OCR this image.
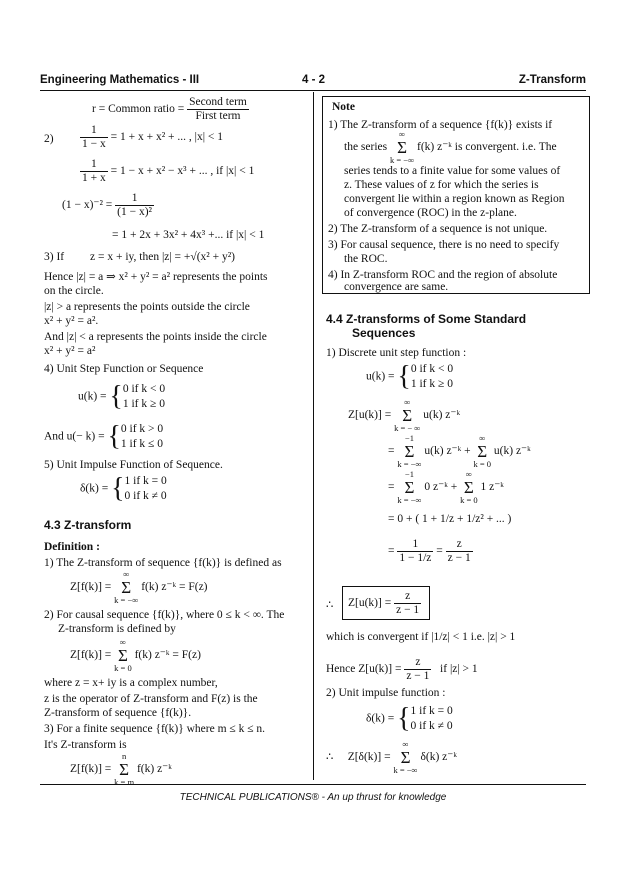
Engineering Mathematics - III	4 - 2	Z-Transform
r = Common ratio = $\frac{\text{Second term}}{\text{First term}}$
$2) \frac{1}{1 - x} = 1 + x + x^2$ + ... , |x| < 1
$\frac{1}{1 + x} = 1 - x + x^2 - x^3$ + ... , if |x| < 1
$(1 - x)^{-2} = \frac{1}{\text{(1 − x)²}}$
= 1 + 2x + 3x² + 4x³ +... if |x| < 1
3) If z = x + iy, then |z| = +√(x² + y²)
Hence |z| = a ⇒ x² + y² = a² represents the points
on the circle.
|z| > a represents the points outside the circle
x² + y² = a².
And |z| < a represents the points inside the circle
x² + y² = a²
4) Unit Step Function or Sequence
u(k) = {0 if k < 0
1 if k ≥ 0
And u(− k) = {0 if k > 0
1 if k ≤ 0
5) Unit Impulse Function of Sequence.
δ(k) = {1 if k = 0
0 if k ≠ 0
4.3 Z-transform
Definition :
1) The Z-transform of sequence {f(k)} is defined as
Z[f(k)] = ∞
Σ
k = −∞ f(k) z⁻ᵏ = F(z)
2) For causal sequence {f(k)}, where 0 ≤ k < ∞. The
Z-transform is defined by
Z[f(k)] = ∞
Σ
k = 0 f(k) z⁻ᵏ = F(z)
where z = x+ iy is a complex number,
z is the operator of Z-transform and F(z) is the
Z-transform of sequence {f(k)}.
3) For a finite sequence {f(k)} where m ≤ k ≤ n.
It's Z-transform is
Z[f(k)] = n
Σ
k = m f(k) z⁻ᵏ
Note
1) The Z-transform of a sequence {f(k)} exists if
the series ∞
Σ
k = −∞ f(k) z⁻ᵏ is convergent. i.e. The
series tends to a finite value for some values of
z. These values of z for which the series is
convergent lie within a region known as Region
of convergence (ROC) in the z-plane.
2) The Z-transform of a sequence is not unique.
3) For causal sequence, there is no need to specify
the ROC.
4) In Z-transform ROC and the region of absolute
convergence are same.
4.4 Z-transforms of Some Standard
Sequences
1) Discrete unit step function :
u(k) = {0 if k < 0
1 if k ≥ 0
Z[u(k)] = ∞
Σ
k = − ∞ u(k) z⁻ᵏ
= −1
Σ
k = −∞ u(k) z⁻ᵏ + ∞
Σ
k = 0 u(k) z⁻ᵏ
= −1
Σ
k = −∞ 0 z⁻ᵏ + ∞
Σ
k = 0 1 z⁻ᵏ
= 0 + ( 1 + 1/z + 1/z² + ... )
= $\frac{1}{1 - 1/z} = \frac{z}{z - 1}$
∴ $Z[u(k)] = \frac{z}{z - 1}$
which is convergent if |1/z| < 1 i.e. |z| > 1
Hence $Z[u(k)] = \frac{z}{z - 1}$ if |z| > 1
2) Unit impulse function :
δ(k) = {1 if k = 0
0 if k ≠ 0
∴ Z[δ(k)] = ∞
Σ
k = −∞ δ(k) z⁻ᵏ
TECHNICAL PUBLICATIONS® - An up thrust for knowledge
